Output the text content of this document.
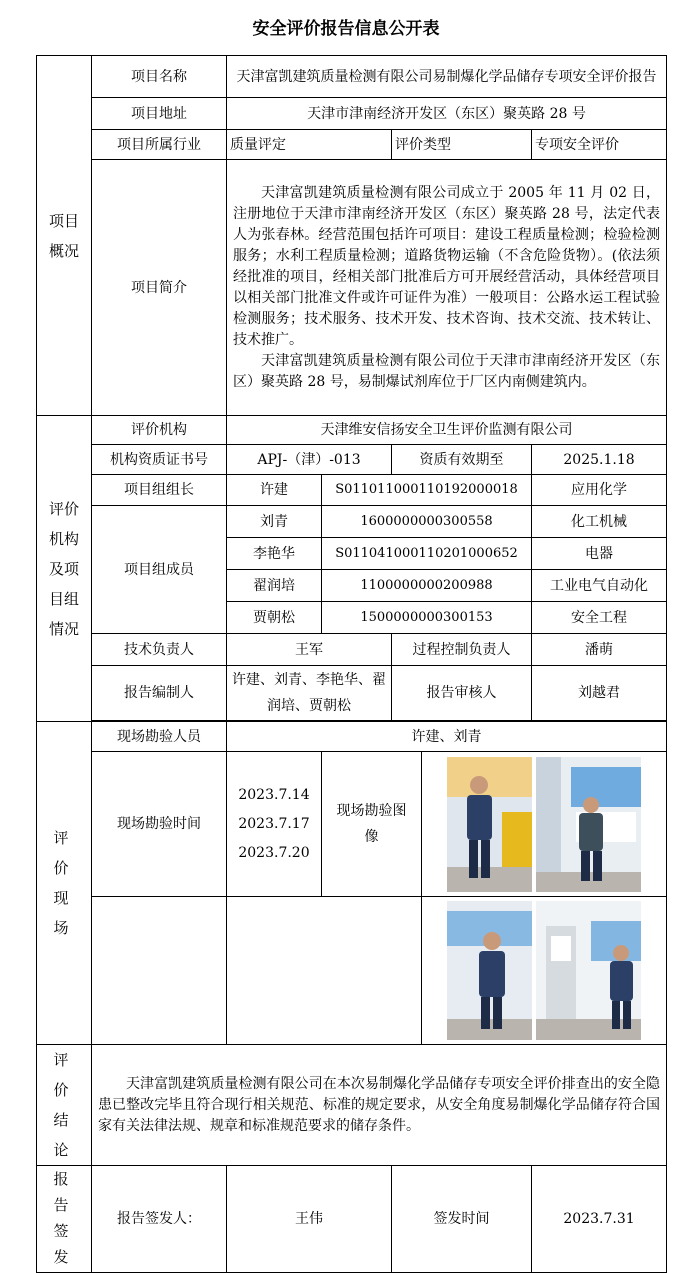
安全评价报告信息公开表
项目概况	项目名称	天津富凯建筑质量检测有限公司易制爆化学品储存专项安全评价报告				
	项目地址	天津市津南经济开发区（东区）聚英路 28 号				
	项目所属行业	质量评定		评价类型		专项安全评价
	项目简介	天津富凯建筑质量检测有限公司成立于 2005 年 11 月 02 日，注册地位于天津市津南经济开发区（东区）聚英路 28 号，法定代表人为张春林。经营范围包括许可项目：建设工程质量检测；检验检测服务；水利工程质量检测；道路货物运输（不含危险货物）。(依法须经批准的项目，经相关部门批准后方可开展经营活动，具体经营项目以相关部门批准文件或许可证件为准）一般项目：公路水运工程试验检测服务；技术服务、技术开发、技术咨询、技术交流、技术转让、技术推广。
天津富凯建筑质量检测有限公司位于天津市津南经济开发区（东区）聚英路 28 号，易制爆试剂库位于厂区内南侧建筑内。				

评价机构及项目组情况	评价机构	天津维安信扬安全卫生评价监测有限公司				
	机构资质证书号	APJ-（津）-013		资质有效期至		2025.1.18
	项目组组长	许建	S011011000110192000018			应用化学
	项目组成员	刘青	1600000000300558			化工机械
		李艳华	S011041000110201000652			电器
		翟润培	1100000000200988			工业电气自动化
		贾朝松	1500000000300153			安全工程
	技术负责人	王军		过程控制负责人		潘萌
	报告编制人	许建、刘青、李艳华、翟润培、贾朝松		报告审核人		刘越君

评价现场	现场勘验人员	许建、刘青				
	现场勘验时间	2023.7.14
2023.7.17
2023.7.20	现场勘验图像	

评价结论	天津富凯建筑质量检测有限公司在本次易制爆化学品储存专项安全评价排查出的安全隐患已整改完毕且符合现行相关规范、标准的规定要求，从安全角度易制爆化学品储存符合国家有关法律法规、规章和标准规范要求的储存条件。					

报告签发	报告签发人：	王伟		签发时间		2023.7.31
